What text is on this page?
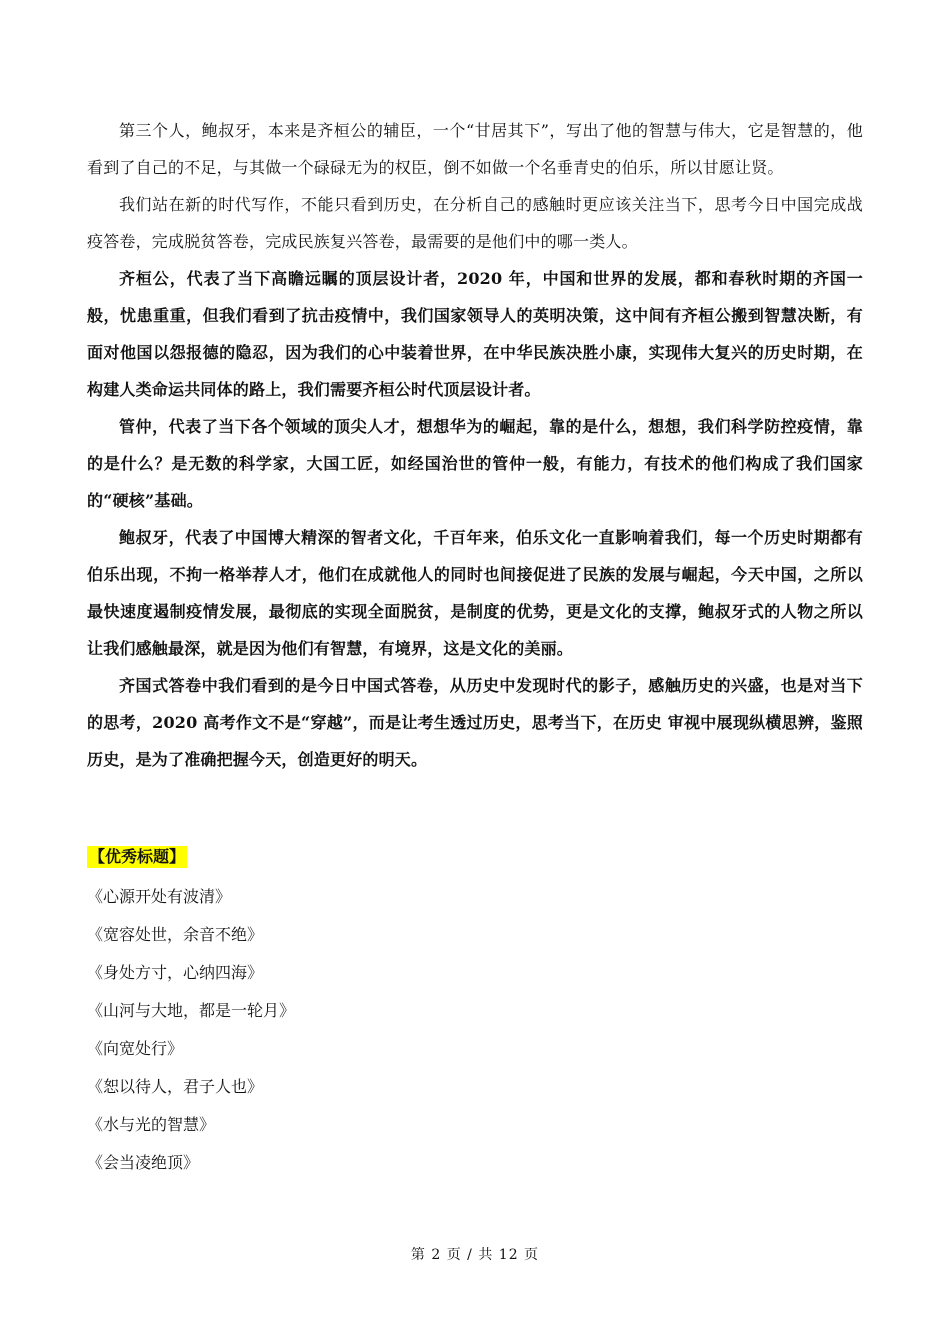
第三个人，鲍叔牙，本来是齐桓公的辅臣，一个“甘居其下”，写出了他的智慧与伟大，它是智慧的，他看到了自己的不足，与其做一个碌碌无为的权臣，倒不如做一个名垂青史的伯乐，所以甘愿让贤。

我们站在新的时代写作，不能只看到历史，在分析自己的感触时更应该关注当下，思考今日中国完成战疫答卷，完成脱贫答卷，完成民族复兴答卷，最需要的是他们中的哪一类人。

齐桓公，代表了当下高瞻远瞩的顶层设计者，2020 年，中国和世界的发展，都和春秋时期的齐国一般，忧患重重，但我们看到了抗击疫情中，我们国家领导人的英明决策，这中间有齐桓公搬到智慧决断，有面对他国以怨报德的隐忍，因为我们的心中装着世界，在中华民族决胜小康，实现伟大复兴的历史时期，在构建人类命运共同体的路上，我们需要齐桓公时代顶层设计者。

管仲，代表了当下各个领域的顶尖人才，想想华为的崛起，靠的是什么，想想，我们科学防控疫情，靠的是什么？是无数的科学家，大国工匠，如经国治世的管仲一般，有能力，有技术的他们构成了我们国家的“硬核”基础。

鲍叔牙，代表了中国博大精深的智者文化，千百年来，伯乐文化一直影响着我们，每一个历史时期都有伯乐出现，不拘一格举荐人才，他们在成就他人的同时也间接促进了民族的发展与崛起，今天中国，之所以最快速度遏制疫情发展，最彻底的实现全面脱贫，是制度的优势，更是文化的支撑，鲍叔牙式的人物之所以让我们感触最深，就是因为他们有智慧，有境界，这是文化的美丽。

齐国式答卷中我们看到的是今日中国式答卷，从历史中发现时代的影子，感触历史的兴盛，也是对当下的思考，2020 高考作文不是“穿越”，而是让考生透过历史，思考当下，在历史 审视中展现纵横思辨，鉴照历史，是为了准确把握今天，创造更好的明天。

【优秀标题】
《心源开处有波清》
《宽容处世，余音不绝》
《身处方寸，心纳四海》
《山河与大地，都是一轮月》
《向宽处行》
《恕以待人，君子人也》
《水与光的智慧》
《会当凌绝顶》
第 2 页 / 共 12 页
